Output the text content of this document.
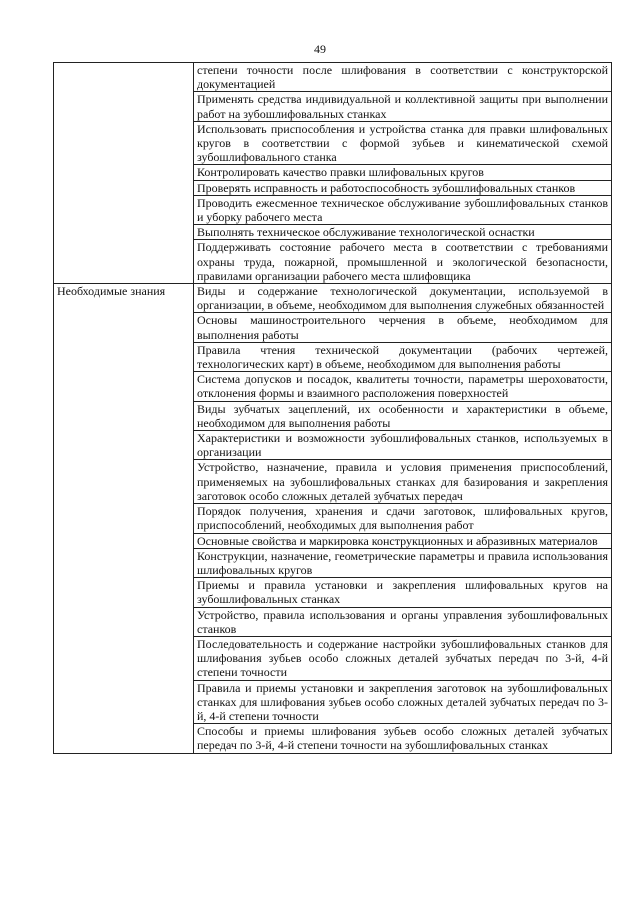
49
	степени точности после шлифования в соответствии с конструкторской документацией
	Применять средства индивидуальной и коллективной защиты при выполнении работ на зубошлифовальных станках
	Использовать приспособления и устройства станка для правки шлифовальных кругов в соответствии с формой зубьев и кинематической схемой зубошлифовального станка
	Контролировать качество правки шлифовальных кругов
	Проверять исправность и работоспособность зубошлифовальных станков
	Проводить ежесменное техническое обслуживание зубошлифовальных станков и уборку рабочего места
	Выполнять техническое обслуживание технологической оснастки
	Поддерживать состояние рабочего места в соответствии с требованиями охраны труда, пожарной, промышленной и экологической безопасности, правилами организации рабочего места шлифовщика
Необходимые знания	Виды и содержание технологической документации, используемой в организации, в объеме, необходимом для выполнения служебных обязанностей
	Основы машиностроительного черчения в объеме, необходимом для выполнения работы
	Правила чтения технической документации (рабочих чертежей, технологических карт) в объеме, необходимом для выполнения работы
	Система допусков и посадок, квалитеты точности, параметры шероховатости, отклонения формы и взаимного расположения поверхностей
	Виды зубчатых зацеплений, их особенности и характеристики в объеме, необходимом для выполнения работы
	Характеристики и возможности зубошлифовальных станков, используемых в организации
	Устройство, назначение, правила и условия применения приспособлений, применяемых на зубошлифовальных станках для базирования и закрепления заготовок особо сложных деталей зубчатых передач
	Порядок получения, хранения и сдачи заготовок, шлифовальных кругов, приспособлений, необходимых для выполнения работ
	Основные свойства и маркировка конструкционных и абразивных материалов
	Конструкции, назначение, геометрические параметры и правила использования шлифовальных кругов
	Приемы и правила установки и закрепления шлифовальных кругов на зубошлифовальных станках
	Устройство, правила использования и органы управления зубошлифовальных станков
	Последовательность и содержание настройки зубошлифовальных станков для шлифования зубьев особо сложных деталей зубчатых передач по 3-й, 4-й степени точности
	Правила и приемы установки и закрепления заготовок на зубошлифовальных станках для шлифования зубьев особо сложных деталей зубчатых передач по 3-й, 4-й степени точности
	Способы и приемы шлифования зубьев особо сложных деталей зубчатых передач по 3-й, 4-й степени точности на зубошлифовальных станках
